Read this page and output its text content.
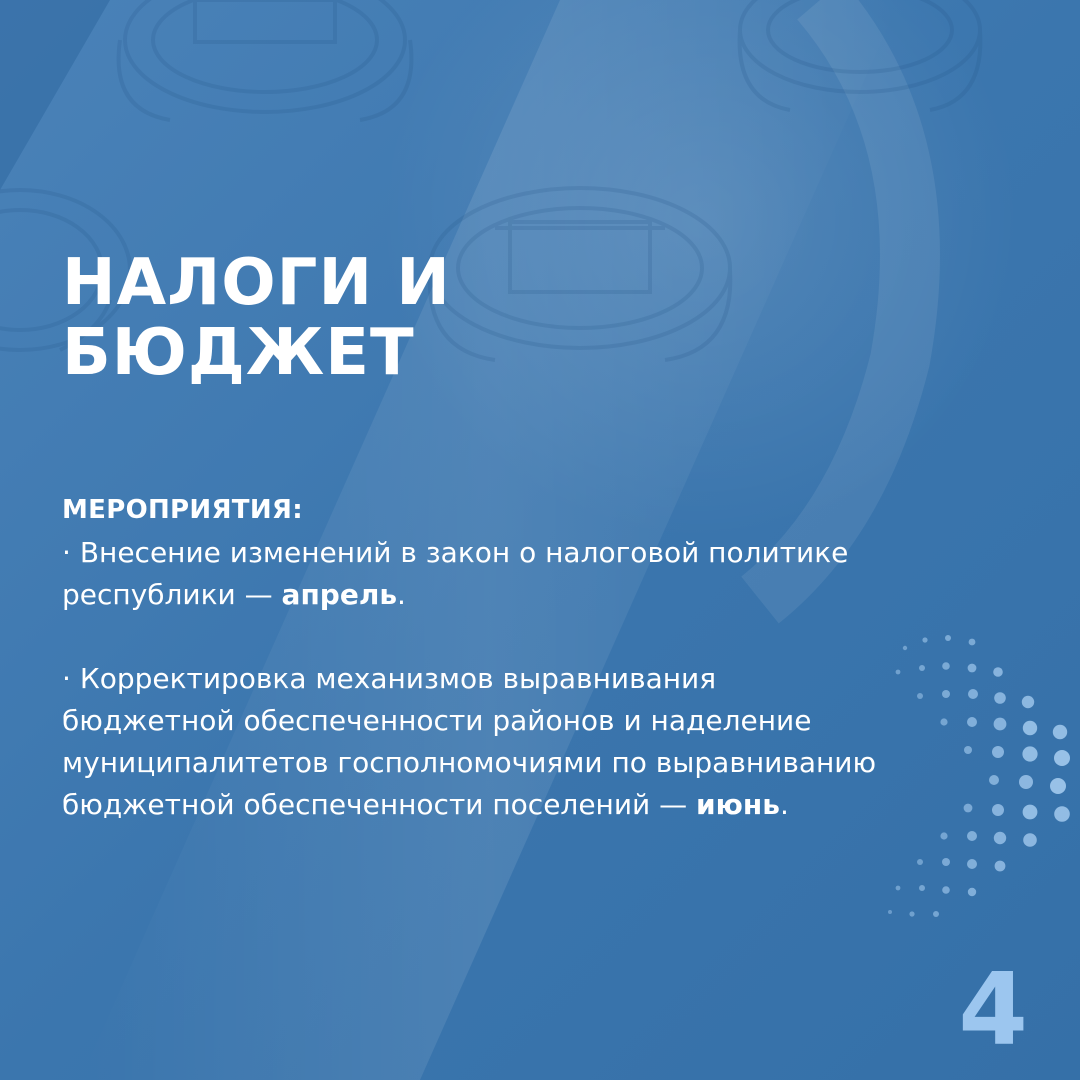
НАЛОГИ И
БЮДЖЕТ

МЕРОПРИЯТИЯ:

· Внесение изменений в закон о налоговой политике
республики — апрель.

· Корректировка механизмов выравнивания
бюджетной обеспеченности районов и наделение
муниципалитетов госполномочиями по выравниванию
бюджетной обеспеченности поселений — июнь.

4
